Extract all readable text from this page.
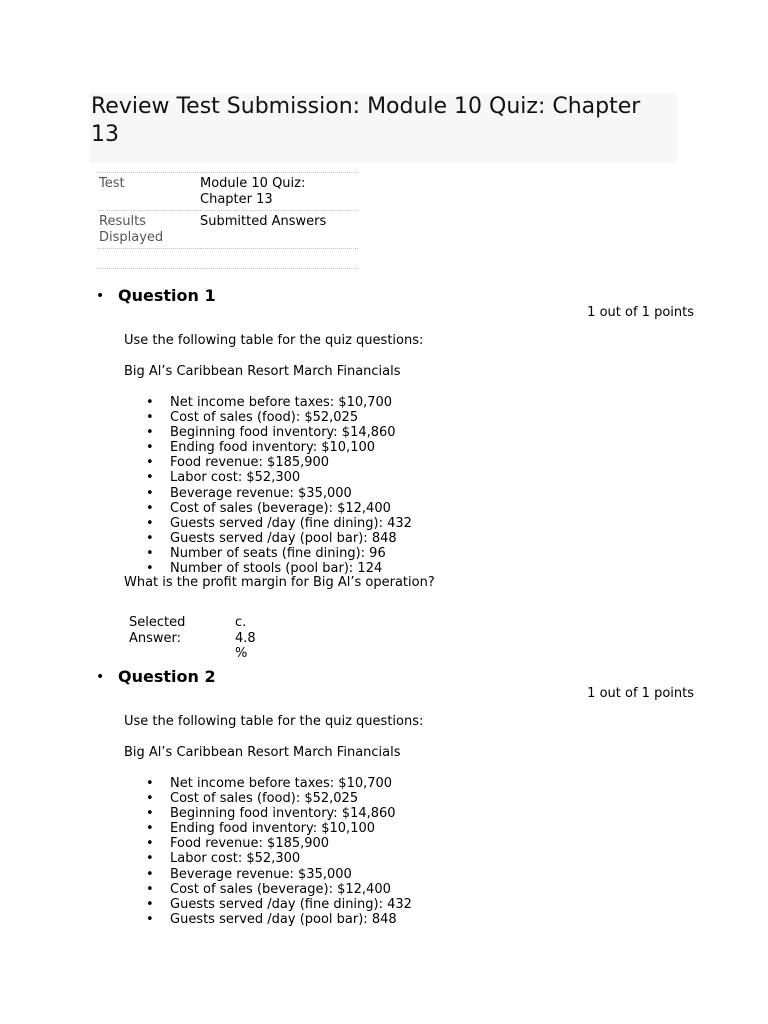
Review Test Submission: Module 10 Quiz: Chapter 13
Test	Module 10 Quiz: Chapter 13
Results Displayed	Submitted Answers

• Question 1
1 out of 1 points
Use the following table for the quiz questions:
Big Al’s Caribbean Resort March Financials
• Net income before taxes: $10,700
• Cost of sales (food): $52,025
• Beginning food inventory: $14,860
• Ending food inventory: $10,100
• Food revenue: $185,900
• Labor cost: $52,300
• Beverage revenue: $35,000
• Cost of sales (beverage): $12,400
• Guests served /day (fine dining): 432
• Guests served /day (pool bar): 848
• Number of seats (fine dining): 96
• Number of stools (pool bar): 124
What is the profit margin for Big Al’s operation?
Selected	c.
Answer:	4.8
	%
• Question 2
1 out of 1 points
Use the following table for the quiz questions:
Big Al’s Caribbean Resort March Financials
• Net income before taxes: $10,700
• Cost of sales (food): $52,025
• Beginning food inventory: $14,860
• Ending food inventory: $10,100
• Food revenue: $185,900
• Labor cost: $52,300
• Beverage revenue: $35,000
• Cost of sales (beverage): $12,400
• Guests served /day (fine dining): 432
• Guests served /day (pool bar): 848
